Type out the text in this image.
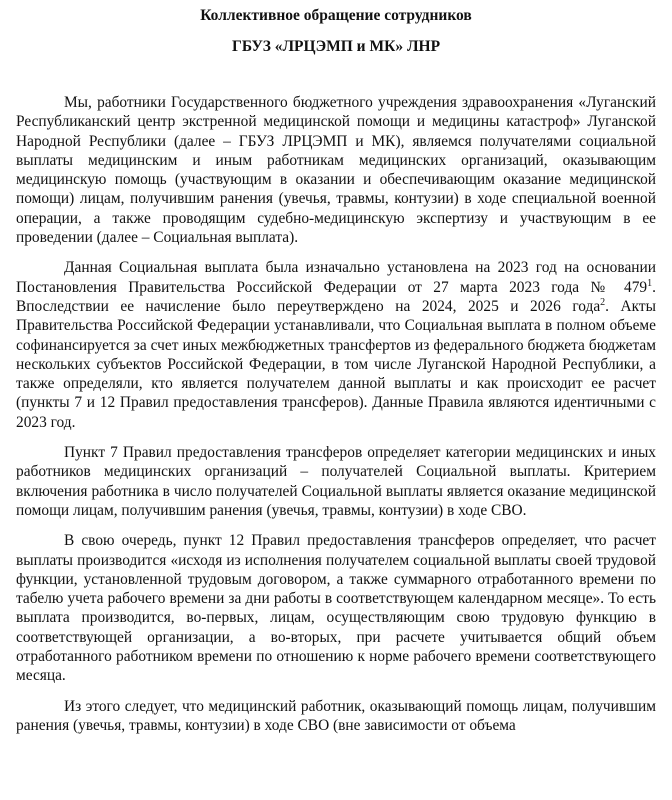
Коллективное обращение сотрудников

ГБУЗ «ЛРЦЭМП и МК» ЛНР

Мы, работники Государственного бюджетного учреждения здравоохранения «Луганский Республиканский центр экстренной медицинской помощи и медицины катастроф» Луганской Народной Республики (далее – ГБУЗ ЛРЦЭМП и МК), являемся получателями социальной выплаты медицинским и иным работникам медицинских организаций, оказывающим медицинскую помощь (участвующим в оказании и обеспечивающим оказание медицинской помощи) лицам, получившим ранения (увечья, травмы, контузии) в ходе специальной военной операции, а также проводящим судебно-медицинскую экспертизу и участвующим в ее проведении (далее – Социальная выплата).

Данная Социальная выплата была изначально установлена на 2023 год на основании Постановления Правительства Российской Федерации от 27 марта 2023 года № $479^1$. Впоследствии ее начисление было переутверждено на 2024, 2025 и 2026 года$^2$. Акты Правительства Российской Федерации устанавливали, что Социальная выплата в полном объеме софинансируется за счет иных межбюджетных трансфертов из федерального бюджета бюджетам нескольких субъектов Российской Федерации, в том числе Луганской Народной Республики, а также определяли, кто является получателем данной выплаты и как происходит ее расчет (пункты 7 и 12 Правил предоставления трансферов). Данные Правила являются идентичными с 2023 год.

Пункт 7 Правил предоставления трансферов определяет категории медицинских и иных работников медицинских организаций – получателей Социальной выплаты. Критерием включения работника в число получателей Социальной выплаты является оказание медицинской помощи лицам, получившим ранения (увечья, травмы, контузии) в ходе СВО.

В свою очередь, пункт 12 Правил предоставления трансферов определяет, что расчет выплаты производится «исходя из исполнения получателем социальной выплаты своей трудовой функции, установленной трудовым договором, а также суммарного отработанного времени по табелю учета рабочего времени за дни работы в соответствующем календарном месяце». То есть выплата производится, во-первых, лицам, осуществляющим свою трудовую функцию в соответствующей организации, а во-вторых, при расчете учитывается общий объем отработанного работником времени по отношению к норме рабочего времени соответствующего месяца.

Из этого следует, что медицинский работник, оказывающий помощь лицам, получившим ранения (увечья, травмы, контузии) в ходе СВО (вне зависимости от объема
